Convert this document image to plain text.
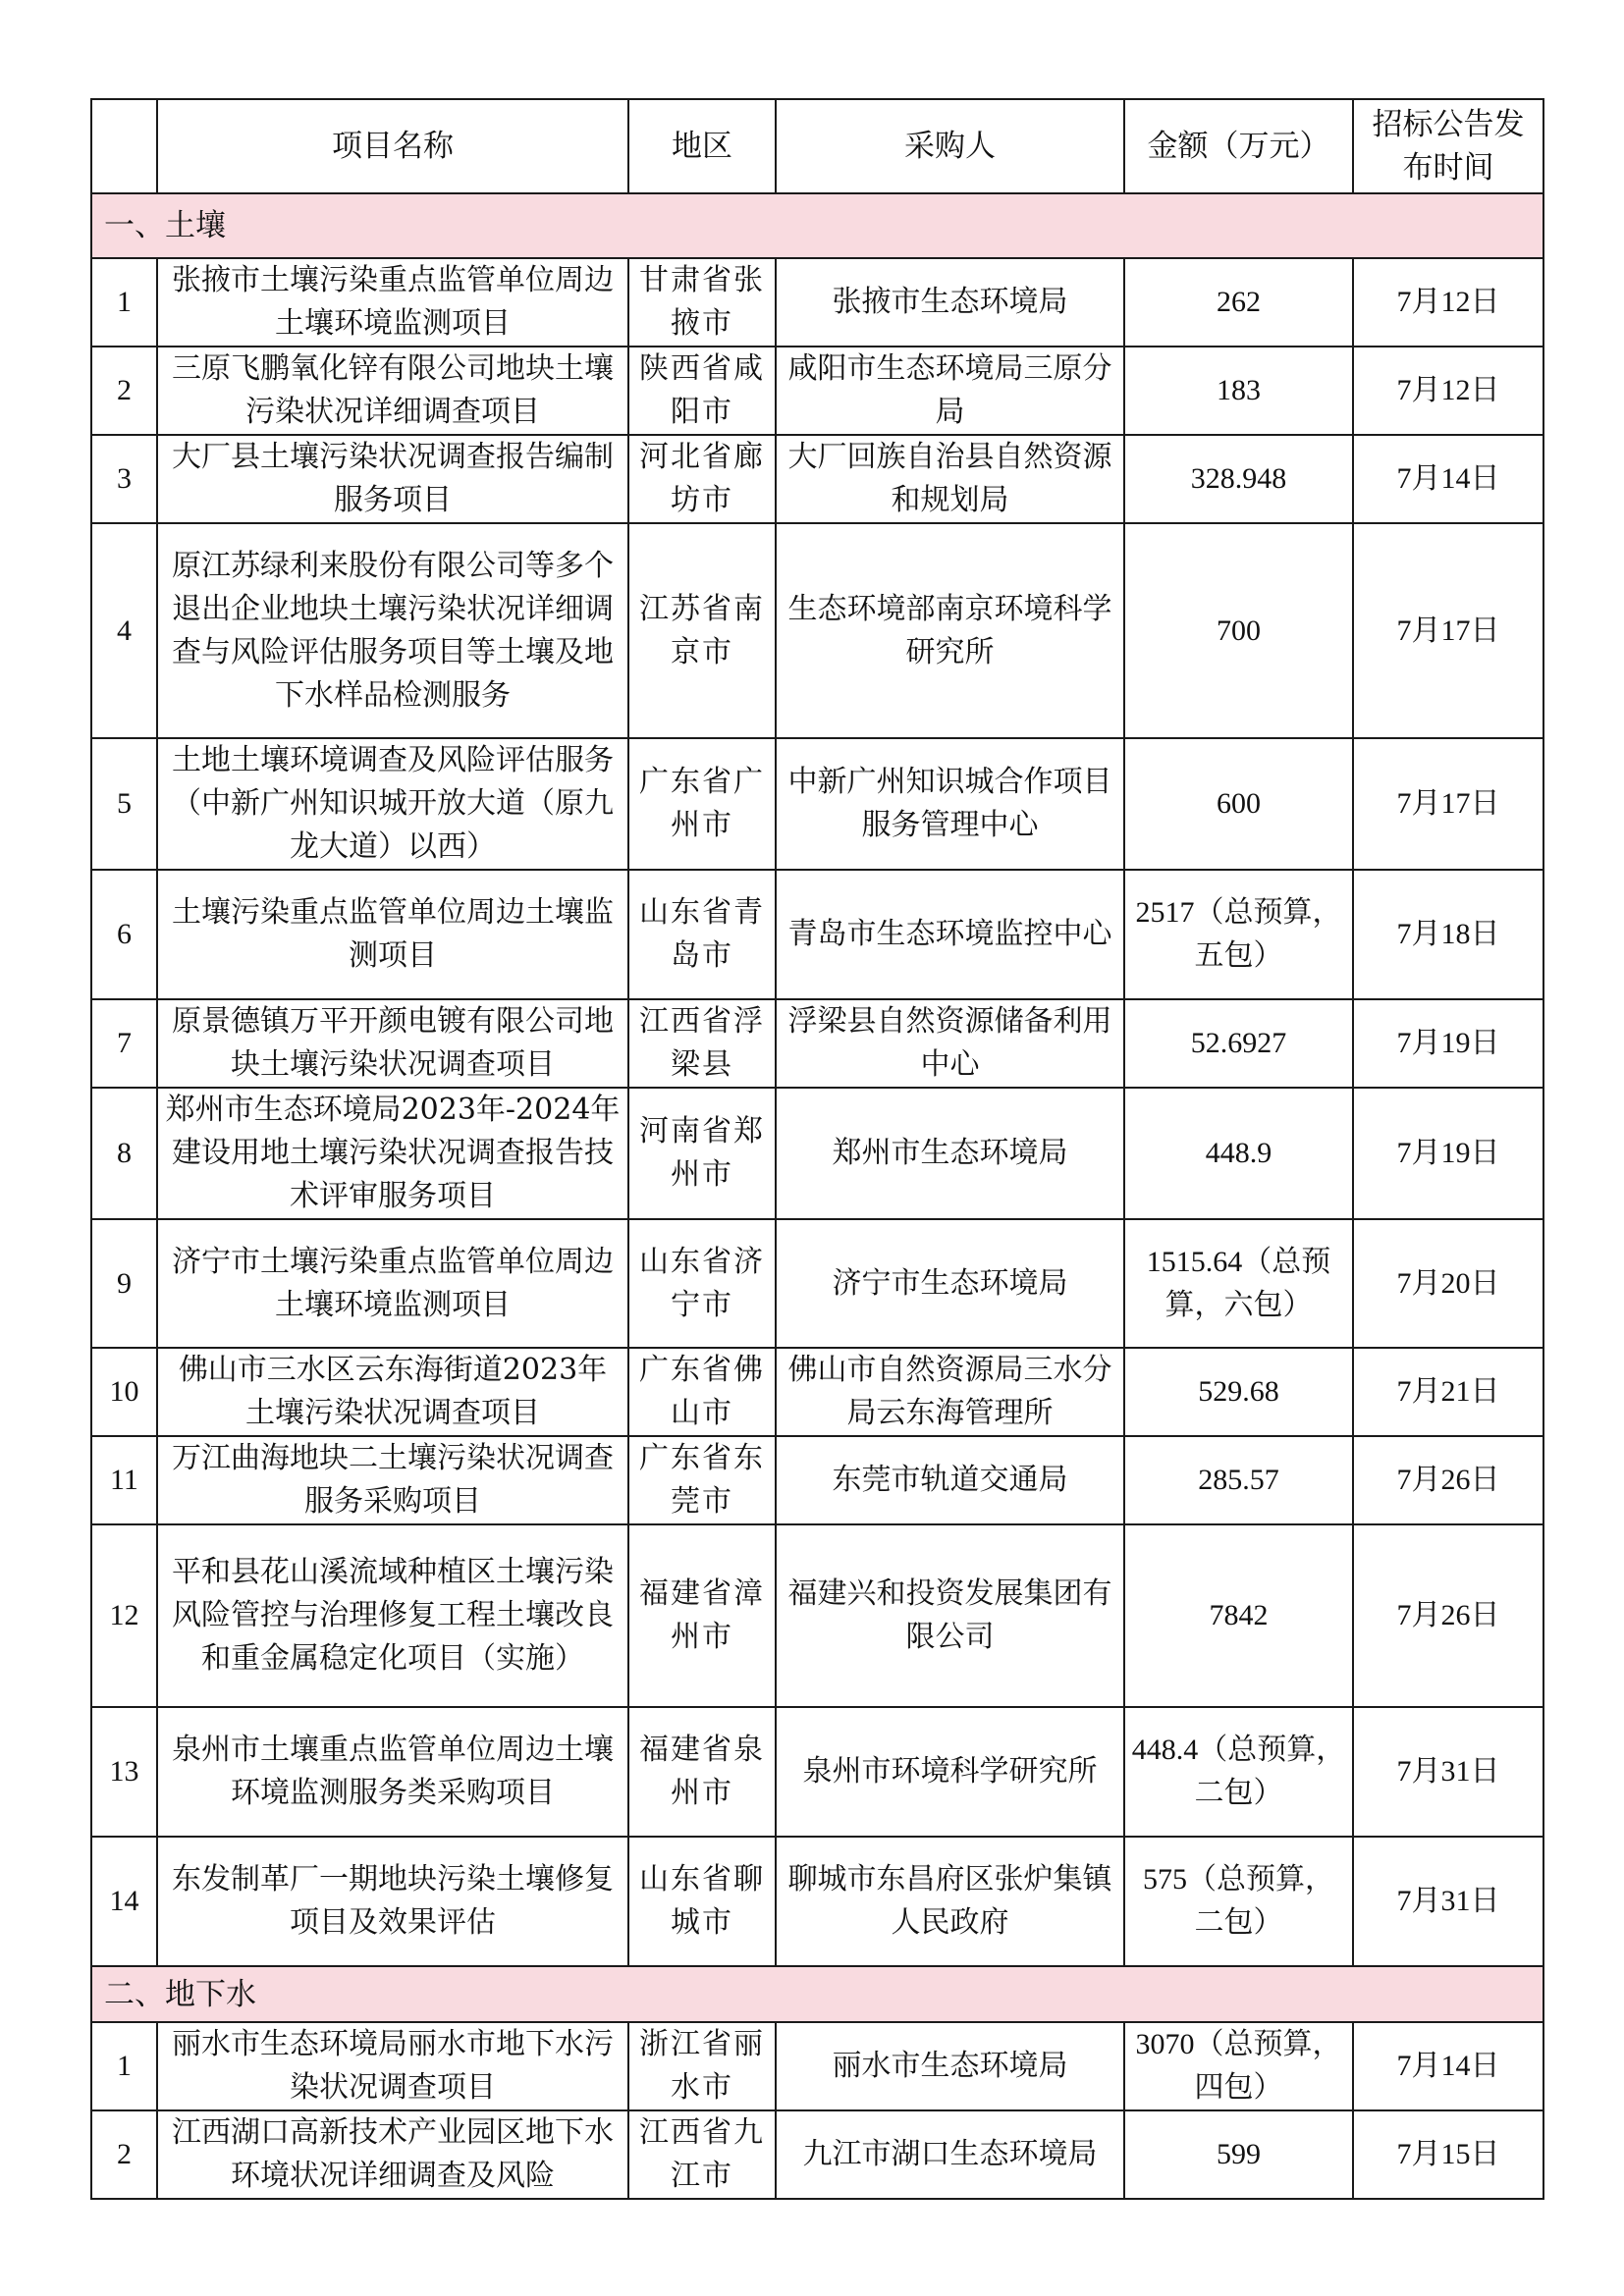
	项目名称	地区	采购人	金额（万元）	招标公告发布时间
一、土壤					
1	张掖市土壤污染重点监管单位周边土壤环境监测项目	甘肃省张掖市	张掖市生态环境局	262	7月12日
2	三原飞鹏氧化锌有限公司地块土壤污染状况详细调查项目	陕西省咸阳市	咸阳市生态环境局三原分局	183	7月12日
3	大厂县土壤污染状况调查报告编制服务项目	河北省廊坊市	大厂回族自治县自然资源和规划局	328.948	7月14日
4	原江苏绿利来股份有限公司等多个退出企业地块土壤污染状况详细调查与风险评估服务项目等土壤及地下水样品检测服务	江苏省南京市	生态环境部南京环境科学研究所	700	7月17日
5	土地土壤环境调查及风险评估服务（中新广州知识城开放大道（原九龙大道）以西）	广东省广州市	中新广州知识城合作项目服务管理中心	600	7月17日
6	土壤污染重点监管单位周边土壤监测项目	山东省青岛市	青岛市生态环境监控中心	2517（总预算，五包）	7月18日
7	原景德镇万平开颜电镀有限公司地块土壤污染状况调查项目	江西省浮梁县	浮梁县自然资源储备利用中心	52.6927	7月19日
8	郑州市生态环境局2023年-2024年建设用地土壤污染状况调查报告技术评审服务项目	河南省郑州市	郑州市生态环境局	448.9	7月19日
9	济宁市土壤污染重点监管单位周边土壤环境监测项目	山东省济宁市	济宁市生态环境局	1515.64（总预算，六包）	7月20日
10	佛山市三水区云东海街道2023年土壤污染状况调查项目	广东省佛山市	佛山市自然资源局三水分局云东海管理所	529.68	7月21日
11	万江曲海地块二土壤污染状况调查服务采购项目	广东省东莞市	东莞市轨道交通局	285.57	7月26日
12	平和县花山溪流域种植区土壤污染风险管控与治理修复工程土壤改良和重金属稳定化项目（实施）	福建省漳州市	福建兴和投资发展集团有限公司	7842	7月26日
13	泉州市土壤重点监管单位周边土壤环境监测服务类采购项目	福建省泉州市	泉州市环境科学研究所	448.4（总预算，二包）	7月31日
14	东发制革厂一期地块污染土壤修复项目及效果评估	山东省聊城市	聊城市东昌府区张炉集镇人民政府	575（总预算，二包）	7月31日
二、地下水					
1	丽水市生态环境局丽水市地下水污染状况调查项目	浙江省丽水市	丽水市生态环境局	3070（总预算，四包）	7月14日
2	江西湖口高新技术产业园区地下水环境状况详细调查及风险	江西省九江市	九江市湖口生态环境局	599	7月15日
